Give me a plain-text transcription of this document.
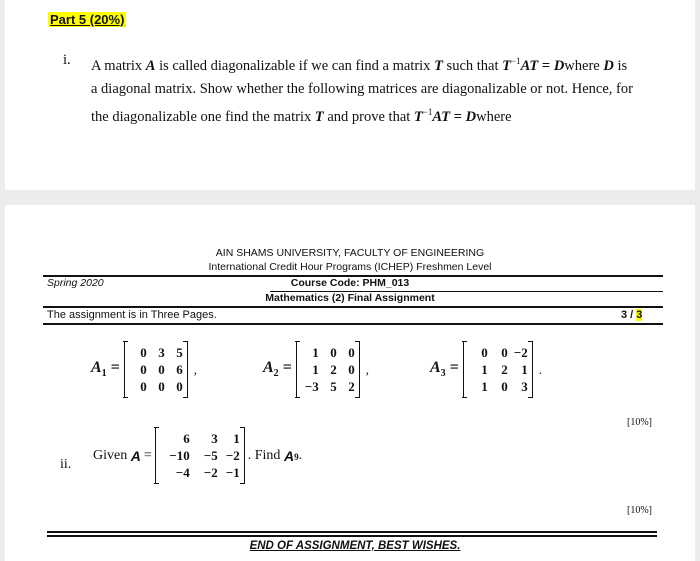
Part 5 (20%)
i. A matrix A is called diagonalizable if we can find a matrix T such that $T^{-1}AT$ = Dwhere D is
a diagonal matrix. Show whether the following matrices are diagonalizable or not. Hence, for
the diagonalizable one find the matrix T and prove that $T^{-1}AT$ = Dwhere
AIN SHAMS UNIVERSITY, FACULTY OF ENGINEERING
International Credit Hour Programs (ICHEP) Freshmen Level
Spring 2020	Course Code: PHM_013
Mathematics (2) Final Assignment
The assignment is in Three Pages.	3 / 3
$A_1$ =
0 3 5
0 0 6
0 0 0
,	$A_2$ =
1 0 0
1 2 0
−3 5 2
,	$A_3$ =
0	0 −2
1	2	1
1	0	3
.
[10%]
ii.
Given A =
6	3	1
−10	−5 −2
−4	−2 −1
. Find A 9 .
[10%]
END OF ASSIGNMENT, BEST WISHES.
